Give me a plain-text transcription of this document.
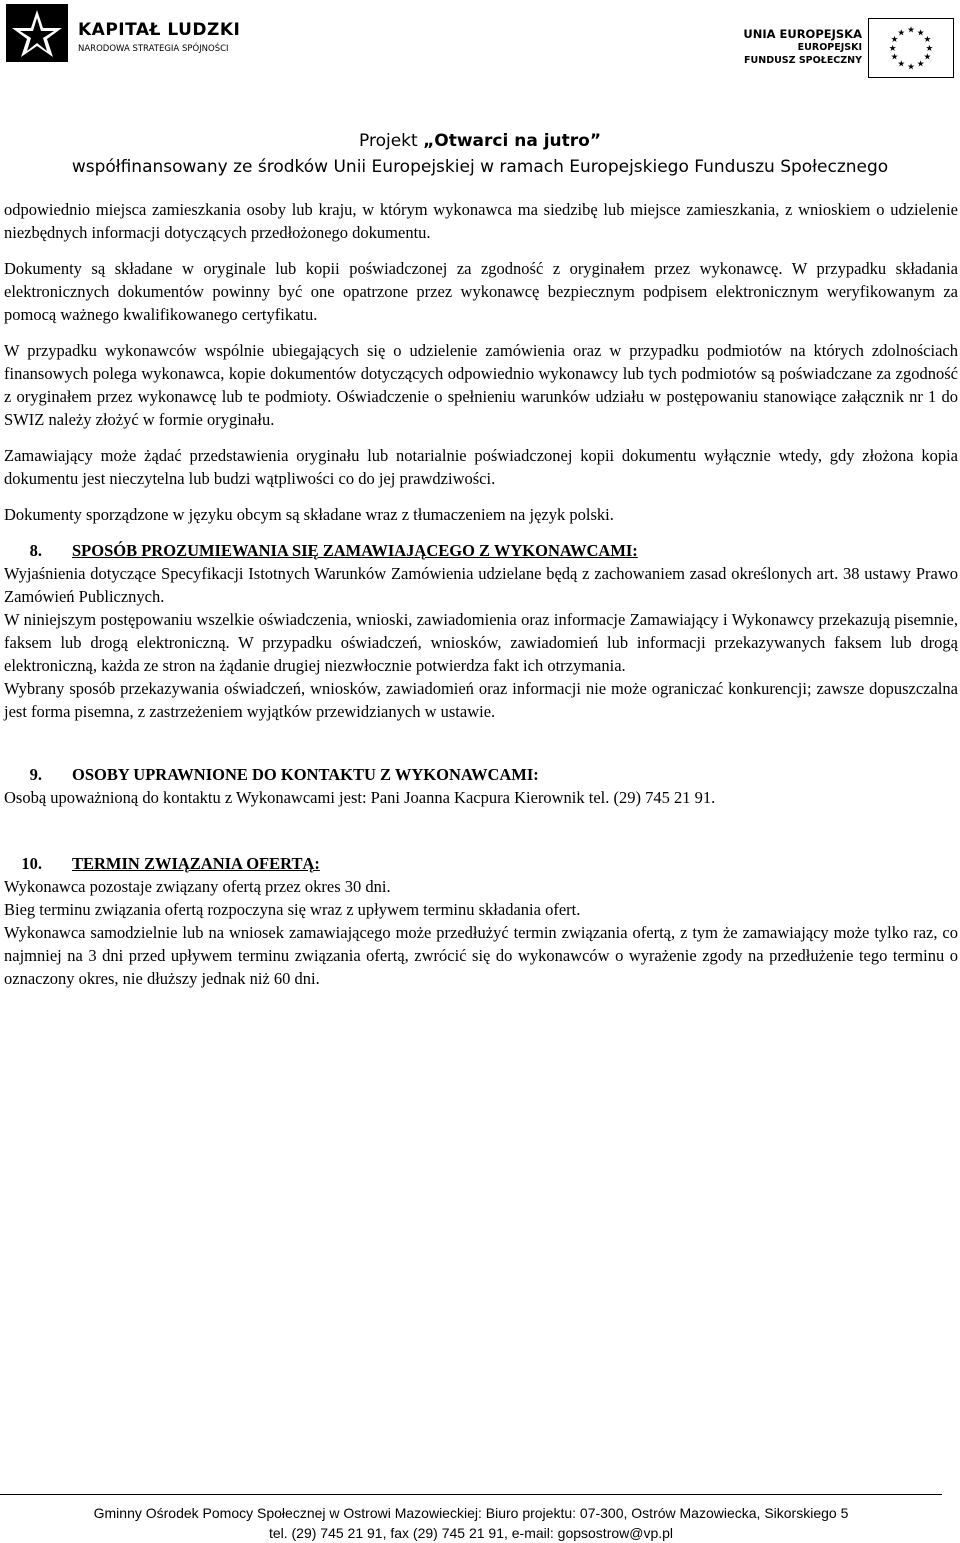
KAPITAŁ LUDZKI
NARODOWA STRATEGIA SPÓJNOŚCI
UNIA EUROPEJSKA
EUROPEJSKI
FUNDUSZ SPOŁECZNY
★ ★
★
★
★
★
★
★
★
★
★
★
Projekt „Otwarci na jutro”
współfinansowany ze środków Unii Europejskiej w ramach Europejskiego Funduszu Społecznego

odpowiednio miejsca zamieszkania osoby lub kraju, w którym wykonawca ma siedzibę lub miejsce zamieszkania, z wnioskiem o udzielenie niezbędnych informacji dotyczących przedłożonego dokumentu.

Dokumenty są składane w oryginale lub kopii poświadczonej za zgodność z oryginałem przez wykonawcę. W przypadku składania elektronicznych dokumentów powinny być one opatrzone przez wykonawcę bezpiecznym podpisem elektronicznym weryfikowanym za pomocą ważnego kwalifikowanego certyfikatu.

W przypadku wykonawców wspólnie ubiegających się o udzielenie zamówienia oraz w przypadku podmiotów na których zdolnościach finansowych polega wykonawca, kopie dokumentów dotyczących odpowiednio wykonawcy lub tych podmiotów są poświadczane za zgodność z oryginałem przez wykonawcę lub te podmioty. Oświadczenie o spełnieniu warunków udziału w postępowaniu stanowiące załącznik nr 1 do SWIZ należy złożyć w formie oryginału.

Zamawiający może żądać przedstawienia oryginału lub notarialnie poświadczonej kopii dokumentu wyłącznie wtedy, gdy złożona kopia dokumentu jest nieczytelna lub budzi wątpliwości co do jej prawdziwości.

Dokumenty sporządzone w języku obcym są składane wraz z tłumaczeniem na język polski.

8. SPOSÓB PROZUMIEWANIA SIĘ ZAMAWIAJĄCEGO Z WYKONAWCAMI:

Wyjaśnienia dotyczące Specyfikacji Istotnych Warunków Zamówienia udzielane będą z zachowaniem zasad określonych art. 38 ustawy Prawo Zamówień Publicznych.

W niniejszym postępowaniu wszelkie oświadczenia, wnioski, zawiadomienia oraz informacje Zamawiający i Wykonawcy przekazują pisemnie, faksem lub drogą elektroniczną. W przypadku oświadczeń, wniosków, zawiadomień lub informacji przekazywanych faksem lub drogą elektroniczną, każda ze stron na żądanie drugiej niezwłocznie potwierdza fakt ich otrzymania.

Wybrany sposób przekazywania oświadczeń, wniosków, zawiadomień oraz informacji nie może ograniczać konkurencji; zawsze dopuszczalna jest forma pisemna, z zastrzeżeniem wyjątków przewidzianych w ustawie.

9. OSOBY UPRAWNIONE DO KONTAKTU Z WYKONAWCAMI:

Osobą upoważnioną do kontaktu z Wykonawcami jest: Pani Joanna Kacpura Kierownik tel. (29) 745 21 91.

10. TERMIN ZWIĄZANIA OFERTĄ:

Wykonawca pozostaje związany ofertą przez okres 30 dni.

Bieg terminu związania ofertą rozpoczyna się wraz z upływem terminu składania ofert.

Wykonawca samodzielnie lub na wniosek zamawiającego może przedłużyć termin związania ofertą, z tym że zamawiający może tylko raz, co najmniej na 3 dni przed upływem terminu związania ofertą, zwrócić się do wykonawców o wyrażenie zgody na przedłużenie tego terminu o oznaczony okres, nie dłuższy jednak niż 60 dni.

Gminny Ośrodek Pomocy Społecznej w Ostrowi Mazowieckiej: Biuro projektu: 07-300, Ostrów Mazowiecka, Sikorskiego 5
tel. (29) 745 21 91, fax (29) 745 21 91, e-mail: gopsostrow@vp.pl
